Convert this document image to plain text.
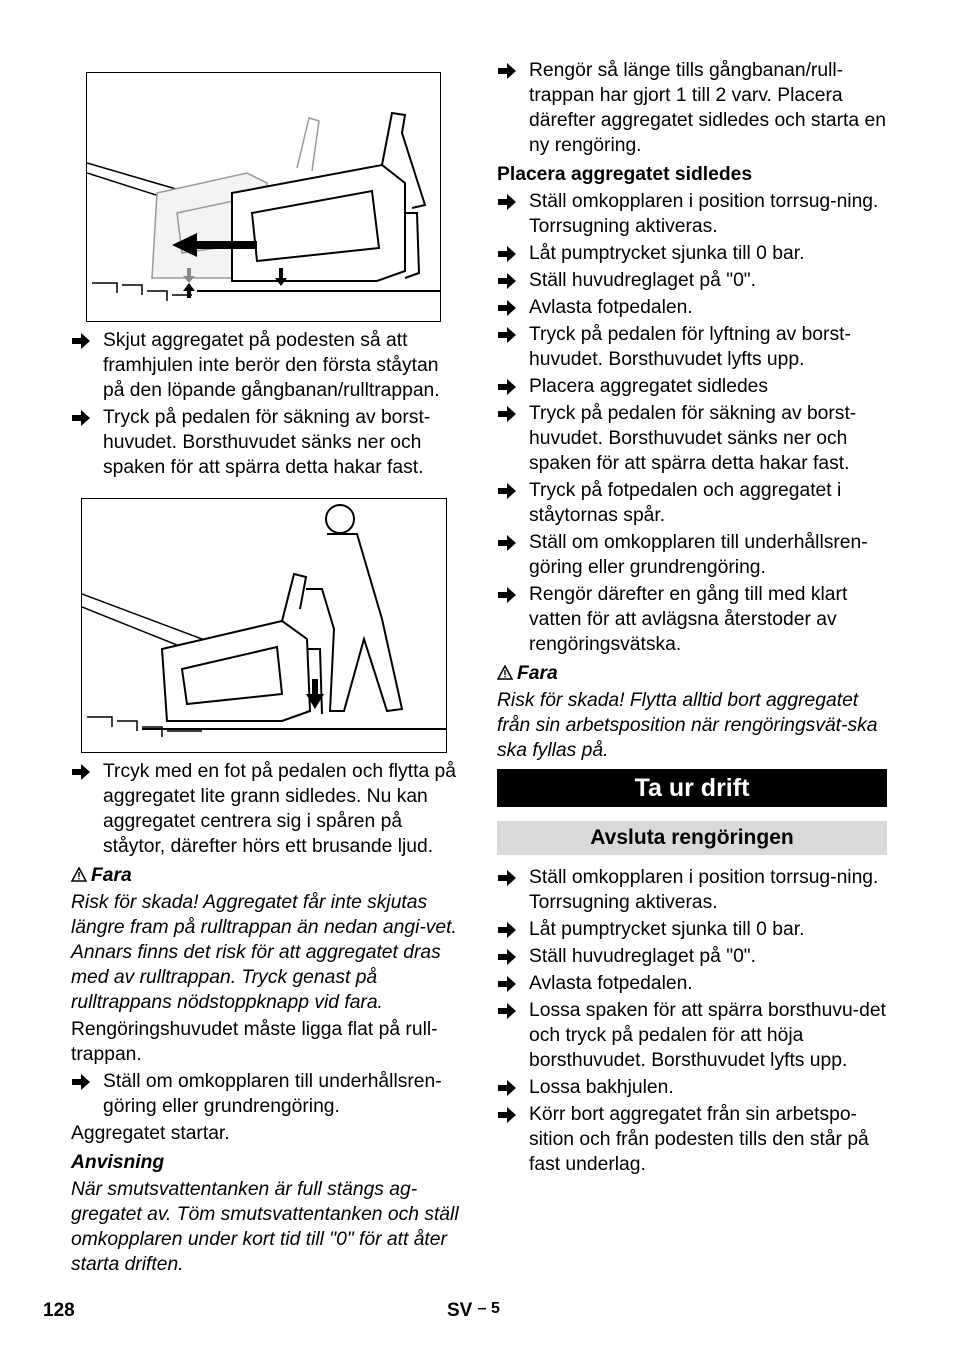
Skjut aggregatet på podesten så att framhjulen inte berör den första ståytan på den löpande gångbanan/rulltrappan.
Tryck på pedalen för säkning av borst-huvudet. Borsthuvudet sänks ner och spaken för att spärra detta hakar fast.
Trcyk med en fot på pedalen och flytta på aggregatet lite grann sidledes. Nu kan aggregatet centrera sig i spåren på ståytor, därefter hörs ett brusande ljud.
Fara

Risk för skada! Aggregatet får inte skjutas längre fram på rulltrappan än nedan angi-vet. Annars finns det risk för att aggregatet dras med av rulltrappan. Tryck genast på rulltrappans nödstoppknapp vid fara.

Rengöringshuvudet måste ligga flat på rull-trappan.

Ställ om omkopplaren till underhållsren-göring eller grundrengöring.

Aggregatet startar.

Anvisning

När smutsvattentanken är full stängs ag-gregatet av. Töm smutsvattentanken och ställ omkopplaren under kort tid till "0" för att åter starta driften.

Rengör så länge tills gångbanan/rull-trappan har gjort 1 till 2 varv. Placera därefter aggregatet sidledes och starta en ny rengöring.
Placera aggregatet sidledes
Ställ omkopplaren i position torrsug-ning. Torrsugning aktiveras.
Låt pumptrycket sjunka till 0 bar.
Ställ huvudreglaget på "0".
Avlasta fotpedalen.
Tryck på pedalen för lyftning av borst-huvudet. Borsthuvudet lyfts upp.
Placera aggregatet sidledes
Tryck på pedalen för säkning av borst-huvudet. Borsthuvudet sänks ner och spaken för att spärra detta hakar fast.
Tryck på fotpedalen och aggregatet i ståytornas spår.
Ställ om omkopplaren till underhållsren-göring eller grundrengöring.
Rengör därefter en gång till med klart vatten för att avlägsna återstoder av rengöringsvätska.
Fara

Risk för skada! Flytta alltid bort aggregatet från sin arbetsposition när rengöringsvät-ska ska fyllas på.

Ta ur drift
Avsluta rengöringen
Ställ omkopplaren i position torrsug-ning. Torrsugning aktiveras.
Låt pumptrycket sjunka till 0 bar.
Ställ huvudreglaget på "0".
Avlasta fotpedalen.
Lossa spaken för att spärra borsthuvu-det och tryck på pedalen för att höja borsthuvudet. Borsthuvudet lyfts upp.
Lossa bakhjulen.
Körr bort aggregatet från sin arbetspo-sition och från podesten tills den står på fast underlag.
128	SV – 5
